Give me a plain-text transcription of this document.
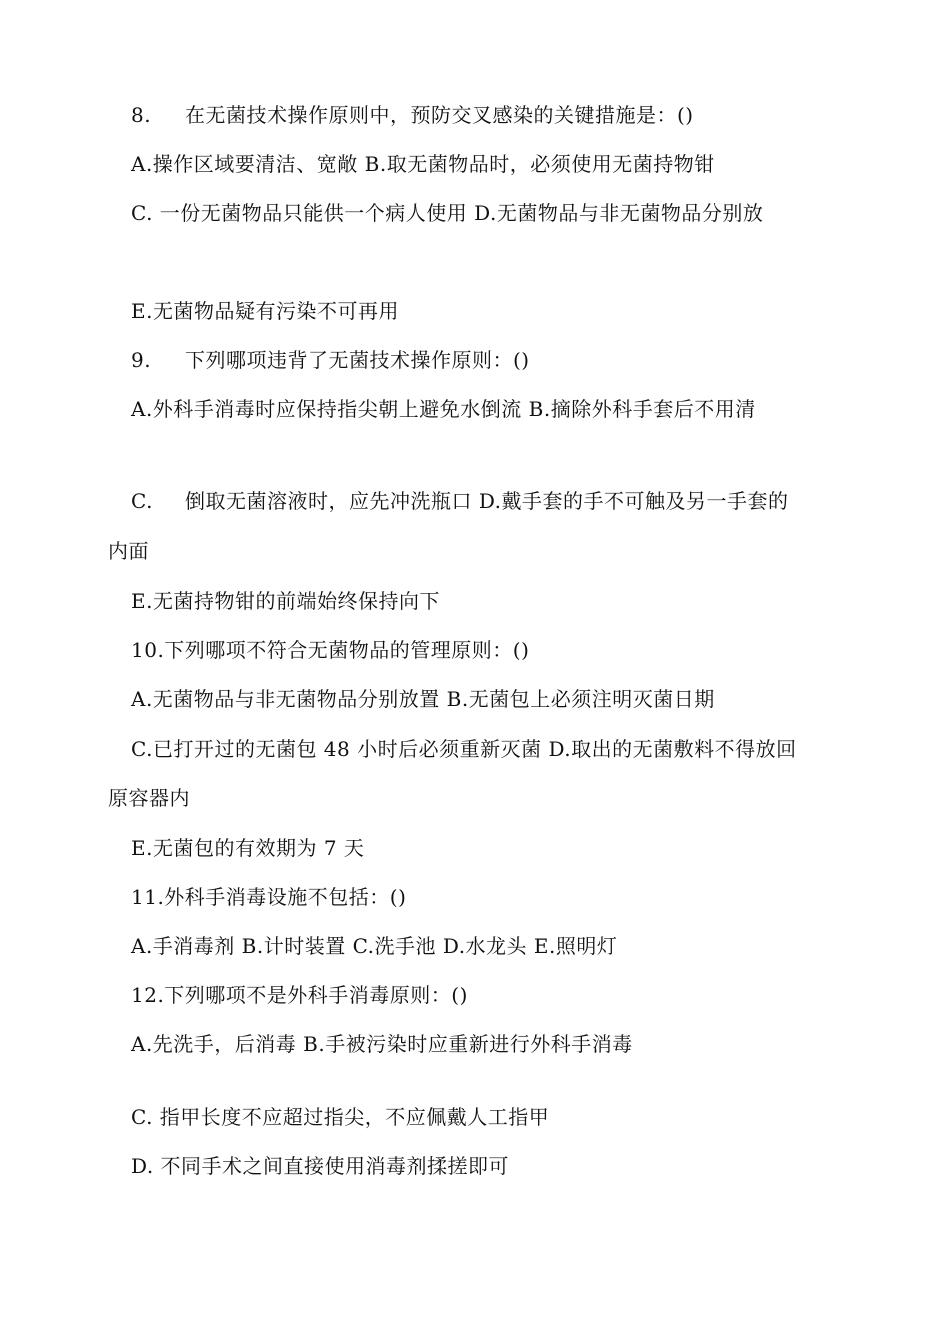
8. 在无菌技术操作原则中，预防交叉感染的关键措施是：()
A.操作区域要清洁、宽敞 B.取无菌物品时，必须使用无菌持物钳
C. 一份无菌物品只能供一个病人使用 D.无菌物品与非无菌物品分别放
E.无菌物品疑有污染不可再用
9. 下列哪项违背了无菌技术操作原则：()
A.外科手消毒时应保持指尖朝上避免水倒流 B.摘除外科手套后不用清
C. 倒取无菌溶液时，应先冲洗瓶口 D.戴手套的手不可触及另一手套的
内面
E.无菌持物钳的前端始终保持向下
10.下列哪项不符合无菌物品的管理原则：()
A.无菌物品与非无菌物品分别放置 B.无菌包上必须注明灭菌日期
C.已打开过的无菌包 48 小时后必须重新灭菌 D.取出的无菌敷料不得放回
原容器内
E.无菌包的有效期为 7 天
11.外科手消毒设施不包括：()
A.手消毒剂 B.计时装置 C.洗手池 D.水龙头 E.照明灯
12.下列哪项不是外科手消毒原则：()
A.先洗手，后消毒 B.手被污染时应重新进行外科手消毒
C. 指甲长度不应超过指尖，不应佩戴人工指甲
D. 不同手术之间直接使用消毒剂揉搓即可
